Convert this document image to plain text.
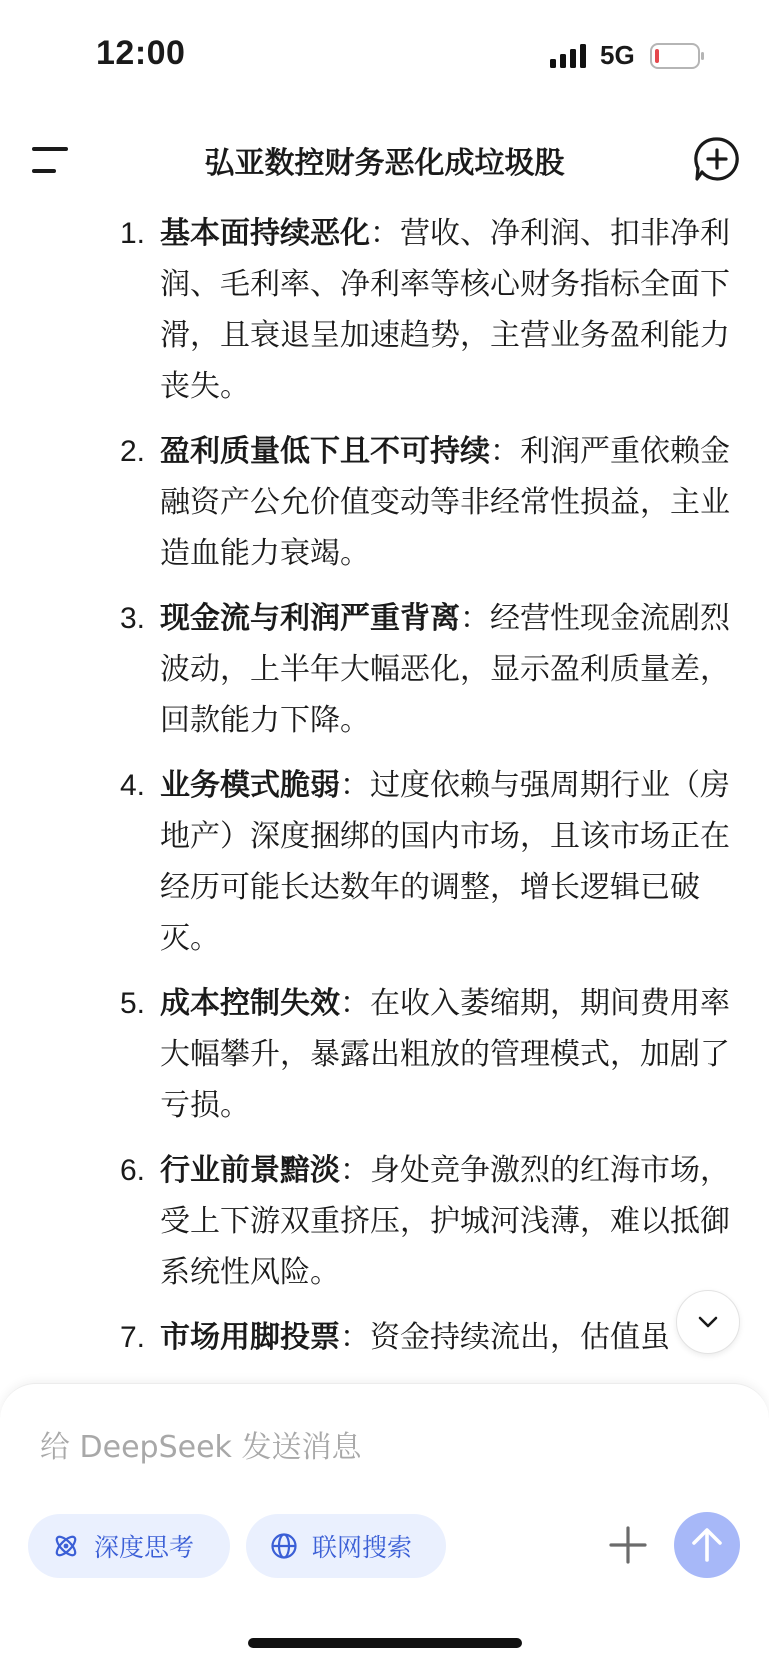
12:00	5G
弘亚数控财务恶化成垃圾股
1. 基本面持续恶化：营收、净利润、扣非净利润、毛利率、净利率等核心财务指标全面下滑，且衰退呈加速趋势，主营业务盈利能力丧失。
2. 盈利质量低下且不可持续：利润严重依赖金融资产公允价值变动等非经常性损益，主业造血能力衰竭。
3. 现金流与利润严重背离：经营性现金流剧烈波动，上半年大幅恶化，显示盈利质量差，回款能力下降。
4. 业务模式脆弱：过度依赖与强周期行业（房地产）深度捆绑的国内市场，且该市场正在经历可能长达数年的调整，增长逻辑已破灭。
5. 成本控制失效：在收入萎缩期，期间费用率大幅攀升，暴露出粗放的管理模式，加剧了亏损。
6. 行业前景黯淡：身处竞争激烈的红海市场，受上下游双重挤压，护城河浅薄，难以抵御系统性风险。
7. 市场用脚投票：资金持续流出，估值虽
给 DeepSeek 发送消息
深度思考	联网搜索
